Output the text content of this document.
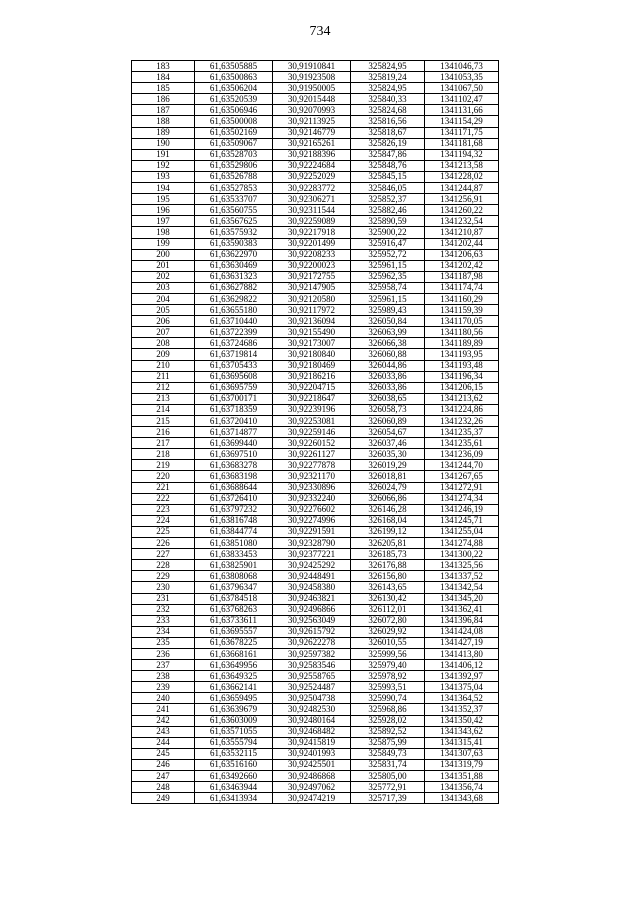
734
183	61,63505885	30,91910841	325824,95	1341046,73
184	61,63500863	30,91923508	325819,24	1341053,35
185	61,63506204	30,91950005	325824,95	1341067,50
186	61,63520539	30,92015448	325840,33	1341102,47
187	61,63506946	30,92070993	325824,68	1341131,66
188	61,63500008	30,92113925	325816,56	1341154,29
189	61,63502169	30,92146779	325818,67	1341171,75
190	61,63509067	30,92165261	325826,19	1341181,68
191	61,63528703	30,92188396	325847,86	1341194,32
192	61,63529806	30,92224684	325848,76	1341213,58
193	61,63526788	30,92252029	325845,15	1341228,02
194	61,63527853	30,92283772	325846,05	1341244,87
195	61,63533707	30,92306271	325852,37	1341256,91
196	61,63560755	30,92311544	325882,46	1341260,22
197	61,63567625	30,92259089	325890,59	1341232,54
198	61,63575932	30,92217918	325900,22	1341210,87
199	61,63590383	30,92201499	325916,47	1341202,44
200	61,63622970	30,92208233	325952,72	1341206,63
201	61,63630469	30,92200023	325961,15	1341202,42
202	61,63631323	30,92172755	325962,35	1341187,98
203	61,63627882	30,92147905	325958,74	1341174,74
204	61,63629822	30,92120580	325961,15	1341160,29
205	61,63655180	30,92117972	325989,43	1341159,39
206	61,63710440	30,92136094	326050,84	1341170,05
207	61,63722399	30,92155490	326063,99	1341180,56
208	61,63724686	30,92173007	326066,38	1341189,89
209	61,63719814	30,92180840	326060,88	1341193,95
210	61,63705433	30,92180469	326044,86	1341193,48
211	61,63695608	30,92186216	326033,86	1341196,34
212	61,63695759	30,92204715	326033,86	1341206,15
213	61,63700171	30,92218647	326038,65	1341213,62
214	61,63718359	30,92239196	326058,73	1341224,86
215	61,63720410	30,92253081	326060,89	1341232,26
216	61,63714877	30,92259146	326054,67	1341235,37
217	61,63699440	30,92260152	326037,46	1341235,61
218	61,63697510	30,92261127	326035,30	1341236,09
219	61,63683278	30,92277878	326019,29	1341244,70
220	61,63683198	30,92321170	326018,81	1341267,65
221	61,63688644	30,92330896	326024,79	1341272,91
222	61,63726410	30,92332240	326066,86	1341274,34
223	61,63797232	30,92276602	326146,28	1341246,19
224	61,63816748	30,92274996	326168,04	1341245,71
225	61,63844774	30,92291591	326199,12	1341255,04
226	61,63851080	30,92328790	326205,81	1341274,88
227	61,63833453	30,92377221	326185,73	1341300,22
228	61,63825901	30,92425292	326176,88	1341325,56
229	61,63808068	30,92448491	326156,80	1341337,52
230	61,63796347	30,92458380	326143,65	1341342,54
231	61,63784518	30,92463821	326130,42	1341345,20
232	61,63768263	30,92496866	326112,01	1341362,41
233	61,63733611	30,92563049	326072,80	1341396,84
234	61,63695557	30,92615792	326029,92	1341424,08
235	61,63678225	30,92622278	326010,55	1341427,19
236	61,63668161	30,92597382	325999,56	1341413,80
237	61,63649956	30,92583546	325979,40	1341406,12
238	61,63649325	30,92558765	325978,92	1341392,97
239	61,63662141	30,92524487	325993,51	1341375,04
240	61,63659495	30,92504738	325990,74	1341364,52
241	61,63639679	30,92482530	325968,86	1341352,37
242	61,63603009	30,92480164	325928,02	1341350,42
243	61,63571055	30,92468482	325892,52	1341343,62
244	61,63555794	30,92415819	325875,99	1341315,41
245	61,63532115	30,92401993	325849,73	1341307,63
246	61,63516160	30,92425501	325831,74	1341319,79
247	61,63492660	30,92486868	325805,00	1341351,88
248	61,63463944	30,92497062	325772,91	1341356,74
249	61,63413934	30,92474219	325717,39	1341343,68
